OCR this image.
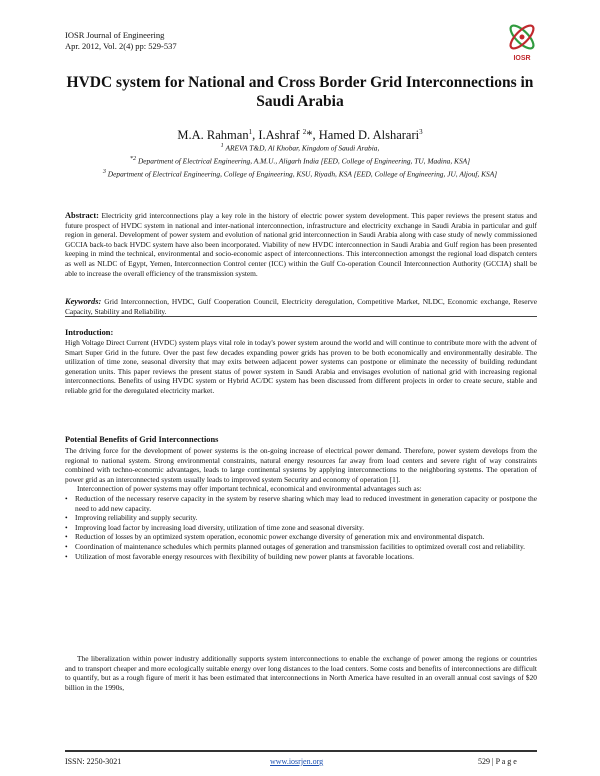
IOSR Journal of Engineering
Apr. 2012, Vol. 2(4) pp: 529-537
IOSR
HVDC system for National and Cross Border Grid Interconnections in Saudi Arabia
M.A. Rahman$^1$, I.Ashraf $^2$*, Hamed D. Alsharari$^3$
$^1$ AREVA T&D, Al Khobar, Kingdom of Saudi Arabia,
$^{*2}$ Department of Electrical Engineering, A.M.U., Aligarh India [EED, College of Engineering, TU, Madina, KSA]
$^3$ Department of Electrical Engineering, College of Engineering, KSU, Riyadh, KSA [EED, College of Engineering, JU, Aljouf, KSA]
Abstract: Electricity grid interconnections play a key role in the history of electric power system development. This paper reviews the present status and future prospect of HVDC system in national and inter-national interconnection, infrastructure and electricity exchange in Saudi Arabia in particular and gulf region in general. Development of power system and evolution of national grid interconnection in Saudi Arabia along with case study of newly commissioned GCCIA back-to back HVDC system have also been incorporated. Viability of new HVDC interconnection in Saudi Arabia and Gulf region has been presented keeping in mind the technical, environmental and socio-economic aspect of interconnections. This interconnection amongst the regional load dispatch centers as well as NLDC of Egypt, Yemen, Interconnection Control center (ICC) within the Gulf Co-operation Council Interconnection Authority (GCCIA) shall be able to increase the overall efficiency of the transmission system.
Keywords: Grid Interconnection, HVDC, Gulf Cooperation Council, Electricity deregulation, Competitive Market, NLDC, Economic exchange, Reserve Capacity, Stability and Reliability.
Introduction:
High Voltage Direct Current (HVDC) system plays vital role in today's power system around the world and will continue to contribute more with the advent of Smart Super Grid in the future. Over the past few decades expanding power grids has proven to be both economically and environmentally desirable. The utilization of time zone, seasonal diversity that may exits between adjacent power systems can postpone or eliminate the necessity of building redundant generation units. This paper reviews the present status of power system in Saudi Arabia and envisages evolution of national grid with increasing regional interconnections. Benefits of using HVDC system or Hybrid AC/DC system has been discussed from different projects in order to create secure, stable and reliable grid for the deregulated electricity market.
Potential Benefits of Grid Interconnections

The driving force for the development of power systems is the on-going increase of electrical power demand. Therefore, power system develops from the regional to national system. Strong environmental constraints, natural energy resources far away from load centers and severe right of way constraints combined with techno-economic advantages, leads to large continental systems by applying interconnections to the neighboring systems. The operation of power grid as an interconnected system usually leads to improved system Security and economy of operation [1].

Interconnection of power systems may offer important technical, economical and environmental advantages such as:

• Reduction of the necessary reserve capacity in the system by reserve sharing which may lead to reduced investment in generation capacity or postpone the need to add new capacity.
• Improving reliability and supply security.
• Improving load factor by increasing load diversity, utilization of time zone and seasonal diversity.
• Reduction of losses by an optimized system operation, economic power exchange diversity of generation mix and environmental dispatch.
• Coordination of maintenance schedules which permits planned outages of generation and transmission facilities to optimized overall cost and reliability.
• Utilization of most favorable energy resources with flexibility of building new power plants at favorable locations.
The liberalization within power industry additionally supports system interconnections to enable the exchange of power among the regions or countries and to transport cheaper and more ecologically suitable energy over long distances to the load centers. Some costs and benefits of interconnections are difficult to quantify, but as a rough figure of merit it has been estimated that interconnections in North America have resulted in an overall annual cost savings of $20 billion in the 1990s,
ISSN: 2250-3021	www.iosrjen.org	529 | P a g e
